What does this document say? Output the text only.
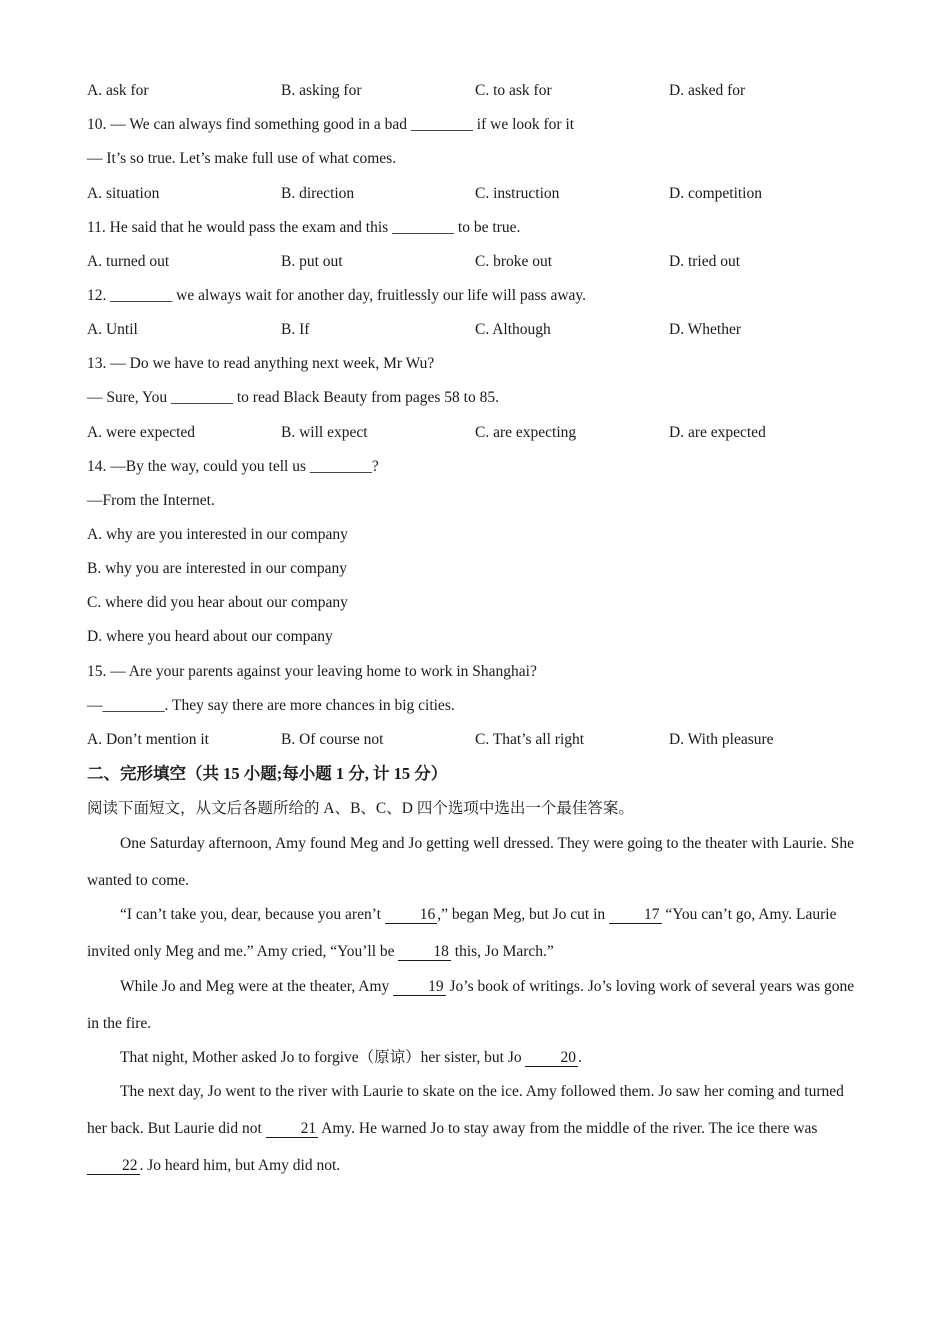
A. ask for	B. asking for	C. to ask for	D. asked for
10. — We can always find something good in a bad ________ if we look for it
— It’s so true. Let’s make full use of what comes.
A. situation	B. direction	C. instruction	D. competition
11. He said that he would pass the exam and this ________ to be true.
A. turned out	B. put out	C. broke out	D. tried out
12. ________ we always wait for another day, fruitlessly our life will pass away.
A. Until	B. If	C. Although	D. Whether
13. — Do we have to read anything next week, Mr Wu?
— Sure, You ________ to read Black Beauty from pages 58 to 85.
A. were expected	B. will expect	C. are expecting	D. are expected
14. —By the way, could you tell us ________?
—From the Internet.
A. why are you interested in our company
B. why you are interested in our company
C. where did you hear about our company
D. where you heard about our company
15. — Are your parents against your leaving home to work in Shanghai?
—________. They say there are more chances in big cities.
A. Don’t mention it	B. Of course not	C. That’s all right	D. With pleasure
二、完形填空（共 15 小题;每小题 1 分, 计 15 分）
阅读下面短文，从文后各题所给的 A、B、C、D 四个选项中选出一个最佳答案。
One Saturday afternoon, Amy found Meg and Jo getting well dressed. They were going to the theater with Laurie. She wanted to come.
“I can’t take you, dear, because you aren’t 16 ,” began Meg, but Jo cut in 17 “You can’t go, Amy. Laurie invited only Meg and me.” Amy cried, “You’ll be 18 this, Jo March.”
While Jo and Meg were at the theater, Amy 19 Jo’s book of writings. Jo’s loving work of several years was gone in the fire.
That night, Mother asked Jo to forgive（原谅）her sister, but Jo 20 .
The next day, Jo went to the river with Laurie to skate on the ice. Amy followed them. Jo saw her coming and turned her back. But Laurie did not 21 Amy. He warned Jo to stay away from the middle of the river. The ice there was 22 . Jo heard him, but Amy did not.
